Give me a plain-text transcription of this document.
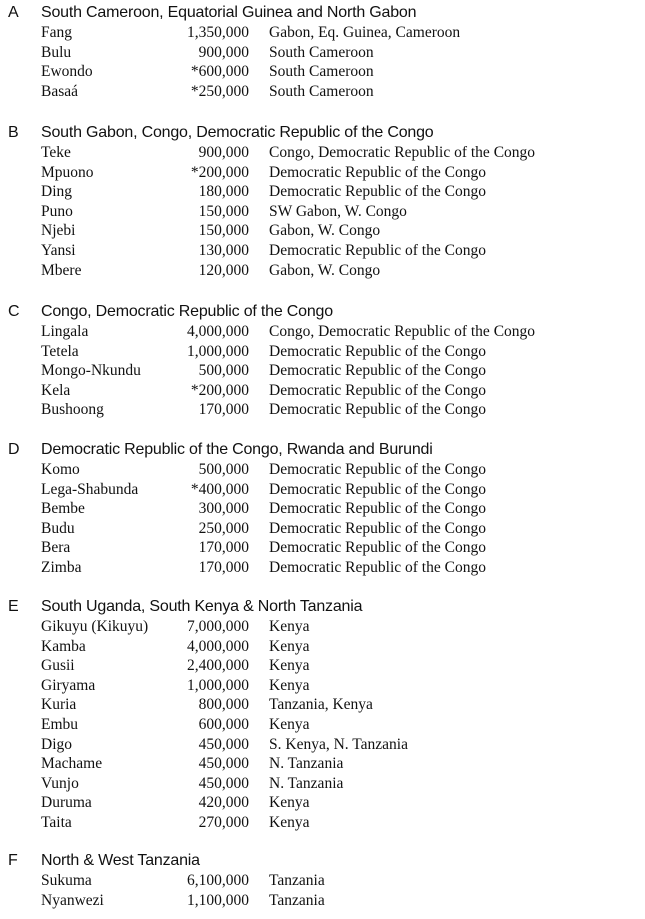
A South Cameroon, Equatorial Guinea and North Gabon
Fang	1,350,000 Gabon, Eq. Guinea, Cameroon
Bulu	900,000 South Cameroon
Ewondo	*600,000 South Cameroon
Basaá	*250,000 South Cameroon
B South Gabon, Congo, Democratic Republic of the Congo
Teke	900,000 Congo, Democratic Republic of the Congo
Mpuono	*200,000 Democratic Republic of the Congo
Ding	180,000 Democratic Republic of the Congo
Puno	150,000 SW Gabon, W. Congo
Njebi	150,000 Gabon, W. Congo
Yansi	130,000 Democratic Republic of the Congo
Mbere	120,000 Gabon, W. Congo
C Congo, Democratic Republic of the Congo
Lingala	4,000,000 Congo, Democratic Republic of the Congo
Tetela	1,000,000 Democratic Republic of the Congo
Mongo-Nkundu	500,000 Democratic Republic of the Congo
Kela	*200,000 Democratic Republic of the Congo
Bushoong	170,000 Democratic Republic of the Congo
D Democratic Republic of the Congo, Rwanda and Burundi
Komo	500,000 Democratic Republic of the Congo
Lega-Shabunda	*400,000 Democratic Republic of the Congo
Bembe	300,000 Democratic Republic of the Congo
Budu	250,000 Democratic Republic of the Congo
Bera	170,000 Democratic Republic of the Congo
Zimba	170,000 Democratic Republic of the Congo
E South Uganda, South Kenya & North Tanzania
Gikuyu (Kikuyu)	7,000,000 Kenya
Kamba	4,000,000 Kenya
Gusii	2,400,000 Kenya
Giryama	1,000,000 Kenya
Kuria	800,000 Tanzania, Kenya
Embu	600,000 Kenya
Digo	450,000 S. Kenya, N. Tanzania
Machame	450,000 N. Tanzania
Vunjo	450,000 N. Tanzania
Duruma	420,000 Kenya
Taita	270,000 Kenya
F North & West Tanzania
Sukuma	6,100,000 Tanzania
Nyanwezi	1,100,000 Tanzania
